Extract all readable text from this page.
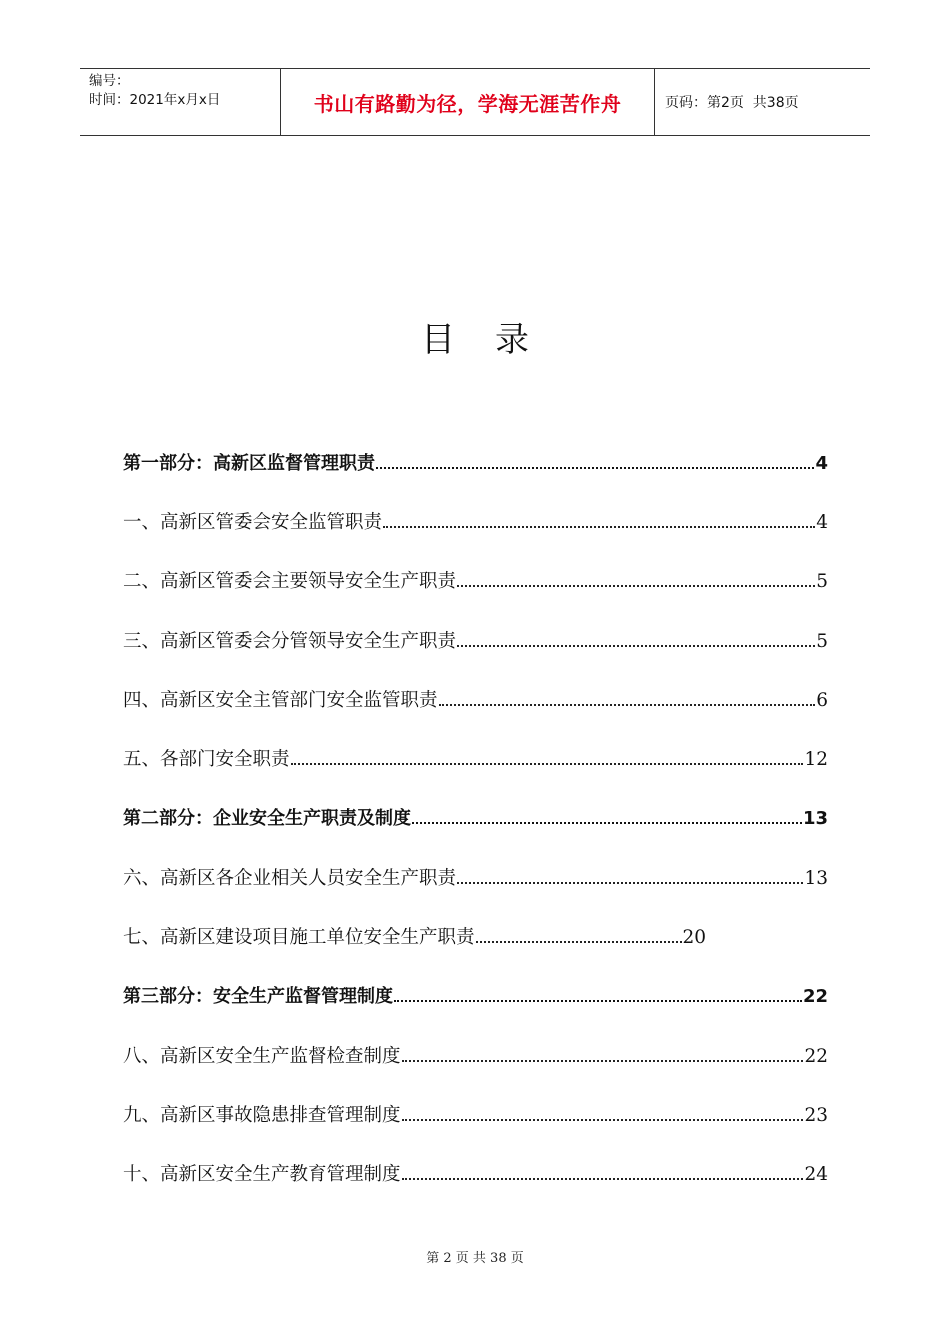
编号：
时间：2021年x月x日	书山有路勤为径，学海无涯苦作舟	页码：第2页  共38页
目录
第一部分：高新区监督管理职责	4
一、高新区管委会安全监管职责	4
二、高新区管委会主要领导安全生产职责	5
三、高新区管委会分管领导安全生产职责	5
四、高新区安全主管部门安全监管职责	6
五、各部门安全职责	12
第二部分：企业安全生产职责及制度	13
六、高新区各企业相关人员安全生产职责	13
七、高新区建设项目施工单位安全生产职责	20
第三部分：安全生产监督管理制度	22
八、高新区安全生产监督检查制度	22
九、高新区事故隐患排查管理制度	23
十、高新区安全生产教育管理制度	24
第 2 页 共 38 页
